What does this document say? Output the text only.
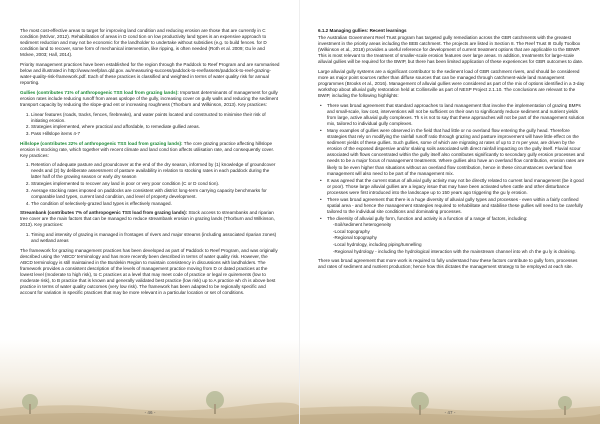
The most cost-effective areas to target for improving land condition and reducing erosion are those that are currently in C condition (Mclvor, 2012). Rehabilitation of areas in D cond tion on low productivity land types is an expensive approach to sediment reduction and may not be economic for the landholder to undertake without subsidies (e.g. to build fences. for D condition land to recover, some form of mechanical intervention, like ripping, is often needed (Roth et al. 2009; Gu le and Mckee, 2003; Hall, 2014).

Priority management practices have been established for the region through the Paddock to Reef Program and are summarised below and illustrated in http://www.reefplan.qld.gov. au/measuring-success/paddock-to-reef/assets/paddock-to-reef-grazing-water-quality-risk-framework.pdf. Each of these practices is classified and weighted in terms of water quality risk for annual reporting.

Gullies (contributes 71% of anthropogenic TSS load from grazing lands): Important determinants of management for gully erosion rates include reducing runoff from areas upslope of the gully, increasing cover on gully walls and reducing the sediment transport capacity by reducing the slope-grad ent or increasing roughness (Thorburn and Wilkinson, 2013). Key practices:

1. Linear features (roads, tracks, fences, firebreaks), and water points located and constructed to minimise their risk of initiating erosion.
2. Strategies implemented, where practical and affordable, to remediate gullied areas.
3. Pass Hillslope items 4-7

Hillslope (contributes 22% of anthropogenic TSS load from grazing lands): The core grazing practice affecting hillslope erosion is stocking rate, which together with recent climate and land cond tion affects utilisation rate, and consequently cover. Key practices:

1. Retention of adequate pasture and groundcover at the end of the dry season, informed by (1) knowledge of groundcover needs and (2) by deliberate assessment of pasture availability in relation to stocking rates in each paddock during the latter half of the growing season or early dry season
2. Strategies implemented to recover any land in poor or very poor condition (C or D cond tion).
3. Average stocking rates imposed on paddocks are consistent with district long-term carrying capacity benchmarks for comparable land types, current land condition, and level of property development.
4. The condition of selectively-grazed land types is effectively managed.

Streambank (contributes 7% of anthropogenic TSS load from grazing lands): Stock access to streambanks and riparian tree cover are the main factors that can be managed to reduce streambank erosion in grazing lands (Thorburn and Wilkinson, 2013). Key practices:

1. Timing and intensity of grazing is managed in frontages of rivers and major streams (including associated riparian zones) and wetland areas

The framework for grazing management practices has been developed as part of Paddock to Reef Program, and was originally described using the 'ABCD' terminology and has more recently been described in terms of water quality risk. However, the ABCD terminology is still maintained in the Burdekin Region to maintain consistency in discussions with landholders. The framework provides a consistent description of the levels of management practice moving from D or dated practices at the lowest level (moderate to high risk), to C practices at a level that may meet code of practice or legal re quirements (low to moderate risk), to B practice that is known and generally validated best practice (low risk) up to A practice wh ch is above best practice in terms of water quality outcomes (very low risk). The framework has been adapted to be regionally specific and account for variation in specific practices that may be more relevant in a particular location or set of conditions.

- 46 -

6.1.2 Managing gullies: Recent learnings

The Australian Government Reef Trust program has targeted gully remediation across the GBR catchments with the greatest investment in the priority areas including the BEB catchment. The projects are listed in Section 8. The Reef Trust III Gully Toolbox (Wilkinson et al., 2018) provides a useful reference for development of current treatment options that are applicable to the BBWP. This is most relevant to the treatment of smaller-scale erosion features over large areas. In addition, treatments for large-scale alluvial gullies will be required for the BWIP, but there has been limited application of these experiences for GBR outcomes to date.

Large alluvial gully systems are a significant contributor to the sediment load of GBR catchment rivers, and should be considered more as major point sources rather than diffuse sources that can be managed through catchment-wide land management programmes (Brooks et al., 2016). Management of alluvial gullies were considered as part of the mix of options identified in a 3-day workshop about alluvial gully restoration held at Collinsville as part of NESP Project 2.1.10. The conclusions are relevant to the BWIP, including the following highlights:

• There was broad agreement that standard approaches to land management that involve the implementation of grazing BMPs and small-scale, low cost, interventions will not be sufficient on their own to significantly reduce sediment and nutrient yields from large, active alluvial gully complexes. Th s is not to say that these approaches will not be part of the management solution mix, tailored to individual gully complexes.
• Many examples of gullies were observed in the field that had little or no overland flow entering the gully head. Therefore strategies that rely on modifying the rainfall runoff ratio through grazing and pasture improvement will have little effect on the sediment yields of these gullies. Such gullies, some of which are migrating at rates of up to 2 m per year, are driven by the erosion of the exposed dispersive and/or slaking soils associated with direct rainfall impacting on the gully itself. Fluvial scour associated with flows concentrated within the gully itself also contributes significantly to secondary gully erosion processes and needs to be a major focus of management treatments. Where gullies also have an overland flow contribution, erosion rates are likely to be even higher than situations without an overland flow contribution, hence in these circumstances overland flow management will also need to be part of the management mix.
• It was agreed that the current status of alluvial gully activity may not be directly related to current land management (be it good or poor). Those large alluvial gullies are a legacy issue that may have been activated when cattle and other disturbance processes were first introduced into the landscape up to 150 years ago triggering the gu ly erosion.
• There was broad agreement that there is a huge diversity of alluvial gully types and processes - even within a fairly confined spatial area - and hence the management strategies required to rehabilitate and stabilise these gullies will need to be carefully tailored to the individual site conditions and dominating processes.
• The diversity of alluvial gully form, function and activity is a function of a range of factors, including:
-Soil/sediment heterogeneity
-Local topography
-Regional topography
-Local hydrology, including piping/tunnelling
-Regional hydrology - including the hydrological interaction with the mainstream channel into wh ch the gu ly is draining.

There was broad agreement that more work is required to fully understand how these factors contribute to gully form, processes and rates of sediment and nutrient production; hence how this dictates the management strategy to be employed at each site.

- 47 -
